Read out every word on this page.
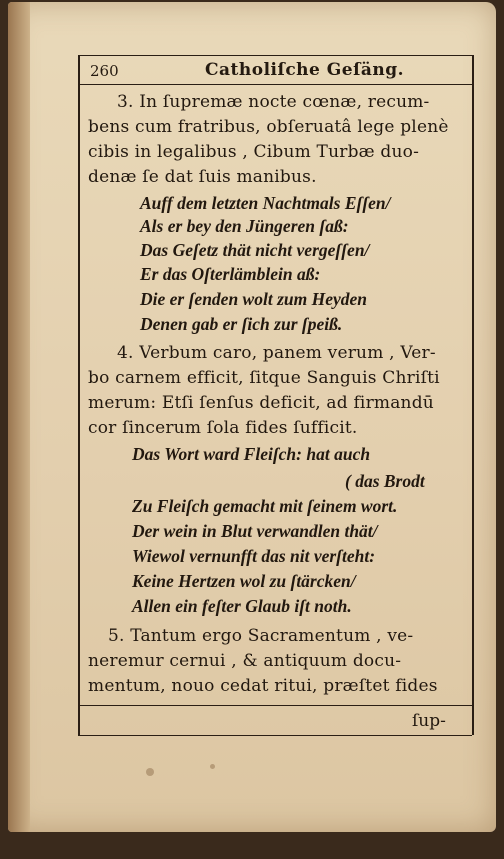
260	Catholiſche Geſäng.
3. In ſupremæ nocte cœnæ, recum-
bens cum fratribus, obſeruatâ lege plenè
cibis in legalibus , Cibum Turbæ duo-
denæ ſe dat ſuis manibus.
Auff dem letzten Nachtmals Eſſen/
Als er bey den Jüngeren ſaß:
Das Geſetz thät nicht vergeſſen/
Er das Oſterlämblein aß:
Die er ſenden wolt zum Heyden
Denen gab er ſich zur ſpeiß.
4. Verbum caro, panem verum , Ver-
bo carnem efficit, ſitque Sanguis Chriſti
merum: Etſi ſenſus deficit, ad firmandū
cor ſincerum ſola fides ſufficit.
Das Wort ward Fleiſch: hat auch
( das Brodt
Zu Fleiſch gemacht mit ſeinem wort.
Der wein in Blut verwandlen thät/
Wiewol vernunfft das nit verſteht:
Keine Hertzen wol zu ſtärcken/
Allen ein feſter Glaub iſt noth.
5. Tantum ergo Sacramentum , ve-
neremur cernui , & antiquum docu-
mentum, nouo cedat ritui, præſtet fides
ſup-
